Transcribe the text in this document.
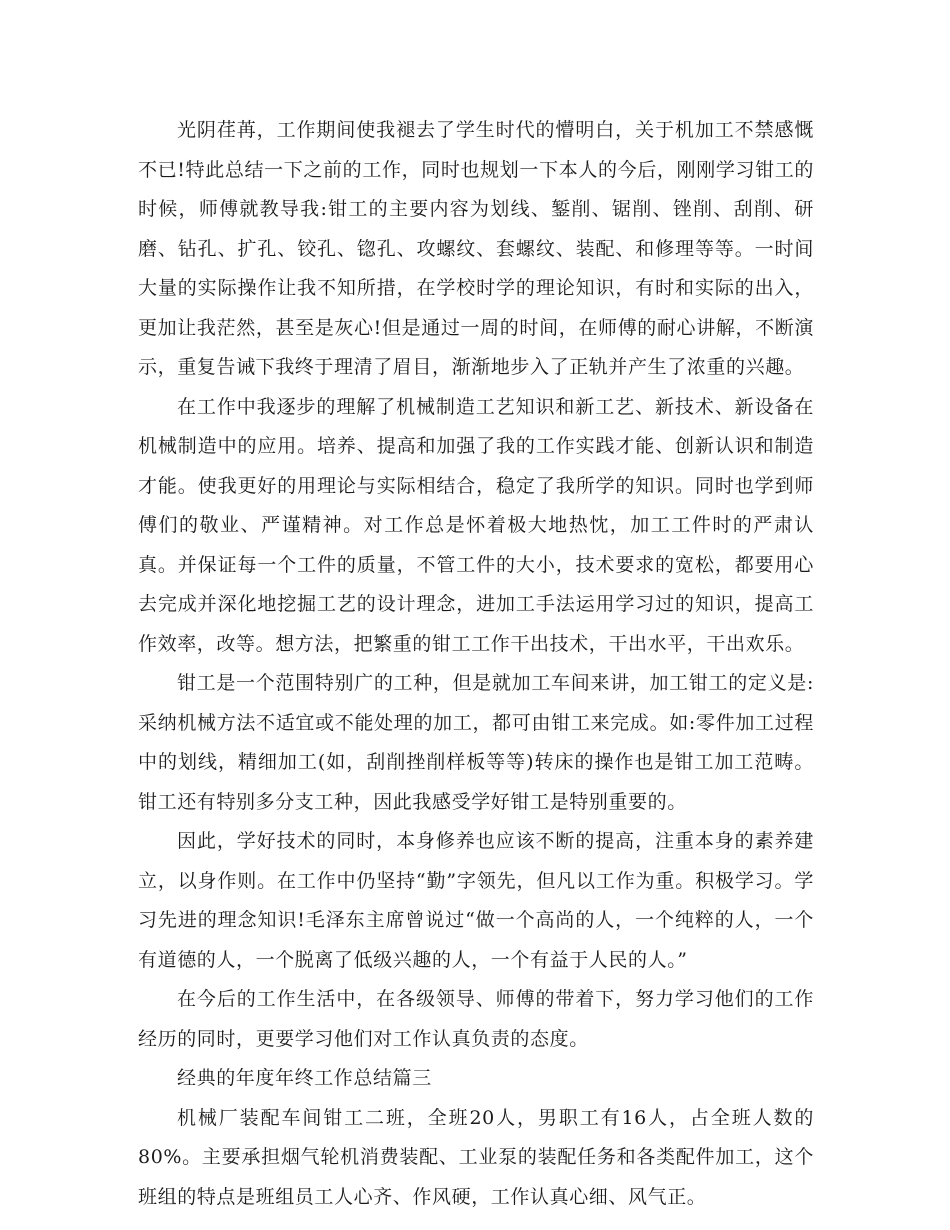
光阴荏苒，工作期间使我褪去了学生时代的懵明白，关于机加工不禁感慨不已!特此总结一下之前的工作，同时也规划一下本人的今后，刚刚学习钳工的时候，师傅就教导我:钳工的主要内容为划线、錾削、锯削、锉削、刮削、研磨、钻孔、扩孔、铰孔、锪孔、攻螺纹、套螺纹、装配、和修理等等。一时间大量的实际操作让我不知所措，在学校时学的理论知识，有时和实际的出入，更加让我茫然，甚至是灰心!但是通过一周的时间，在师傅的耐心讲解，不断演示，重复告诫下我终于理清了眉目，渐渐地步入了正轨并产生了浓重的兴趣。

在工作中我逐步的理解了机械制造工艺知识和新工艺、新技术、新设备在机械制造中的应用。培养、提高和加强了我的工作实践才能、创新认识和制造才能。使我更好的用理论与实际相结合，稳定了我所学的知识。同时也学到师傅们的敬业、严谨精神。对工作总是怀着极大地热忱，加工工件时的严肃认真。并保证每一个工件的质量，不管工件的大小，技术要求的宽松，都要用心去完成并深化地挖掘工艺的设计理念，进加工手法运用学习过的知识，提高工作效率，改等。想方法，把繁重的钳工工作干出技术，干出水平，干出欢乐。

钳工是一个范围特别广的工种，但是就加工车间来讲，加工钳工的定义是:采纳机械方法不适宜或不能处理的加工，都可由钳工来完成。如:零件加工过程中的划线，精细加工(如，刮削挫削样板等等)转床的操作也是钳工加工范畴。钳工还有特别多分支工种，因此我感受学好钳工是特别重要的。

因此，学好技术的同时，本身修养也应该不断的提高，注重本身的素养建立，以身作则。在工作中仍坚持“勤”字领先，但凡以工作为重。积极学习。学习先进的理念知识!毛泽东主席曾说过“做一个高尚的人，一个纯粹的人，一个有道德的人，一个脱离了低级兴趣的人，一个有益于人民的人。”

在今后的工作生活中，在各级领导、师傅的带着下，努力学习他们的工作经历的同时，更要学习他们对工作认真负责的态度。

经典的年度年终工作总结篇三

机械厂装配车间钳工二班，全班20人，男职工有16人，占全班人数的80%。主要承担烟气轮机消费装配、工业泵的装配任务和各类配件加工，这个班组的特点是班组员工人心齐、作风硬，工作认真心细、风气正。
